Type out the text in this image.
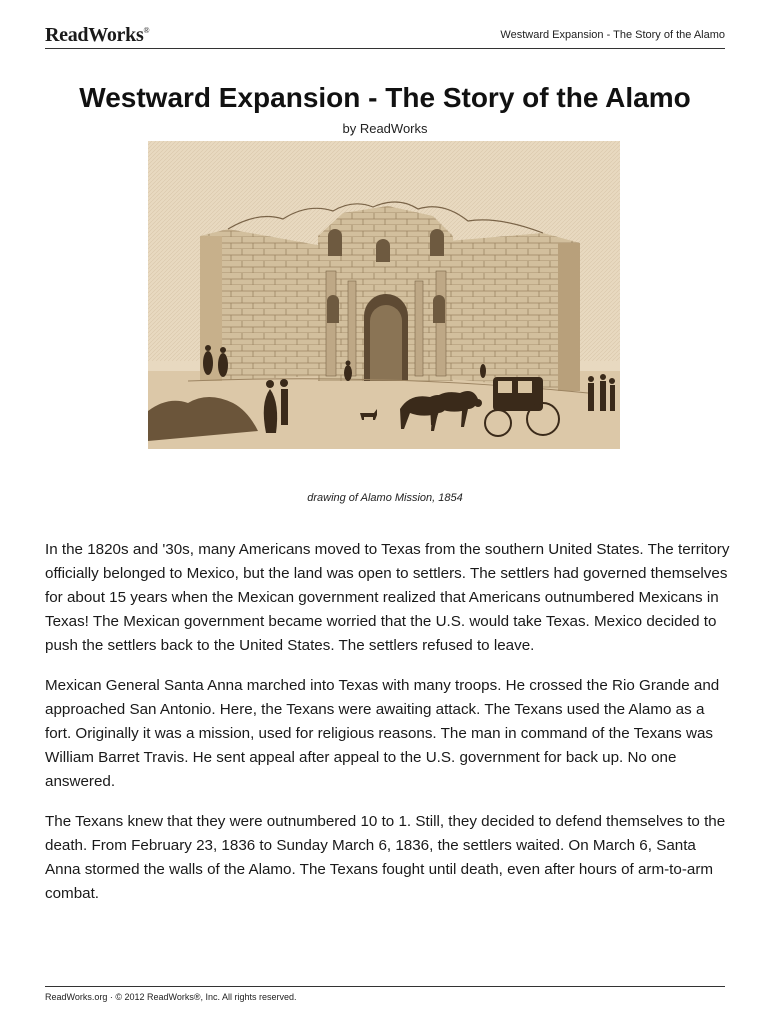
ReadWorks®	Westward Expansion - The Story of the Alamo
Westward Expansion - The Story of the Alamo
by ReadWorks
drawing of Alamo Mission, 1854

In the 1820s and '30s, many Americans moved to Texas from the southern United States. The territory officially belonged to Mexico, but the land was open to settlers. The settlers had governed themselves for about 15 years when the Mexican government realized that Americans outnumbered Mexicans in Texas! The Mexican government became worried that the U.S. would take Texas. Mexico decided to push the settlers back to the United States. The settlers refused to leave.

Mexican General Santa Anna marched into Texas with many troops. He crossed the Rio Grande and approached San Antonio. Here, the Texans were awaiting attack. The Texans used the Alamo as a fort. Originally it was a mission, used for religious reasons. The man in command of the Texans was William Barret Travis. He sent appeal after appeal to the U.S. government for back up. No one answered.

The Texans knew that they were outnumbered 10 to 1. Still, they decided to defend themselves to the death. From February 23, 1836 to Sunday March 6, 1836, the settlers waited. On March 6, Santa Anna stormed the walls of the Alamo. The Texans fought until death, even after hours of arm-to-arm combat.

ReadWorks.org · © 2012 ReadWorks®, Inc. All rights reserved.
